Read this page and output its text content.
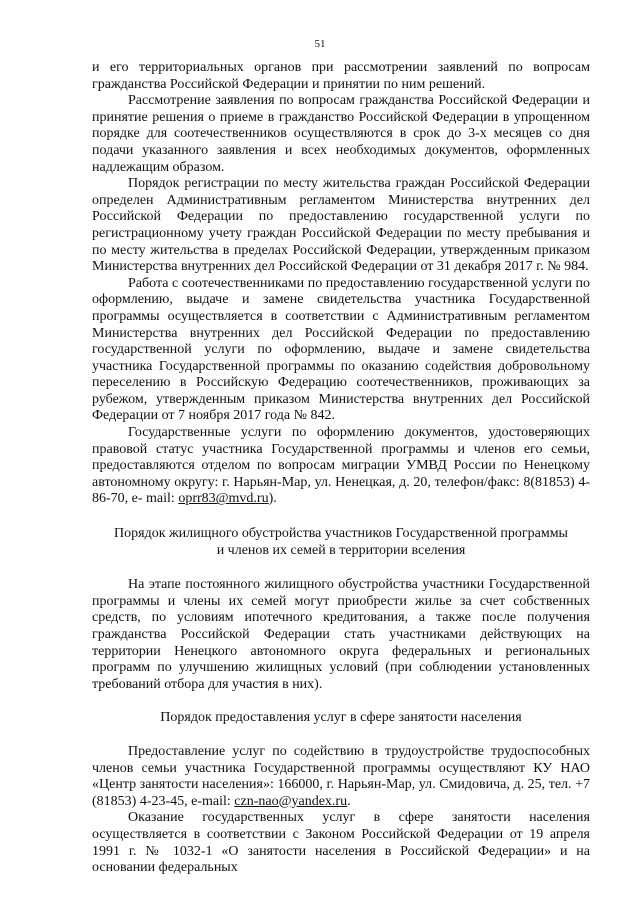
51

и его территориальных органов при рассмотрении заявлений по вопросам гражданства Российской Федерации и принятии по ним решений.

Рассмотрение заявления по вопросам гражданства Российской Федерации и принятие решения о приеме в гражданство Российской Федерации в упрощенном порядке для соотечественников осуществляются в срок до 3-х месяцев со дня подачи указанного заявления и всех необходимых документов, оформленных надлежащим образом.

Порядок регистрации по месту жительства граждан Российской Федерации определен Административным регламентом Министерства внутренних дел Российской Федерации по предоставлению государственной услуги по регистрационному учету граждан Российской Федерации по месту пребывания и по месту жительства в пределах Российской Федерации, утвержденным приказом Министерства внутренних дел Российской Федерации от 31 декабря 2017 г. № 984.

Работа с соотечественниками по предоставлению государственной услуги по оформлению, выдаче и замене свидетельства участника Государственной программы осуществляется в соответствии с Административным регламентом Министерства внутренних дел Российской Федерации по предоставлению государственной услуги по оформлению, выдаче и замене свидетельства участника Государственной программы по оказанию содействия добровольному переселению в Российскую Федерацию соотечественников, проживающих за рубежом, утвержденным приказом Министерства внутренних дел Российской Федерации от 7 ноября 2017 года № 842.

Государственные услуги по оформлению документов, удостоверяющих правовой статус участника Государственной программы и членов его семьи, предоставляются отделом по вопросам миграции УМВД России по Ненецкому автономному округу: г. Нарьян-Мар, ул. Ненецкая, д. 20, телефон/факс: 8(81853) 4-86-70, е- mail: oprr83@mvd.ru).

Порядок жилищного обустройства участников Государственной программы
и членов их семей в территории вселения

На этапе постоянного жилищного обустройства участники Государственной программы и члены их семей могут приобрести жилье за счет собственных средств, по условиям ипотечного кредитования, а также после получения гражданства Российской Федерации стать участниками действующих на территории Ненецкого автономного округа федеральных и региональных программ по улучшению жилищных условий (при соблюдении установленных требований отбора для участия в них).

Порядок предоставления услуг в сфере занятости населения

Предоставление услуг по содействию в трудоустройстве трудоспособных членов семьи участника Государственной программы осуществляют КУ НАО «Центр занятости населения»: 166000, г. Нарьян-Мар, ул. Смидовича, д. 25, тел. +7 (81853) 4-23-45, e-mail: czn-nao@yandex.ru.

Оказание государственных услуг в сфере занятости населения осуществляется в соответствии с Законом Российской Федерации от 19 апреля 1991 г. № 1032-1 «О занятости населения в Российской Федерации» и на основании федеральных
